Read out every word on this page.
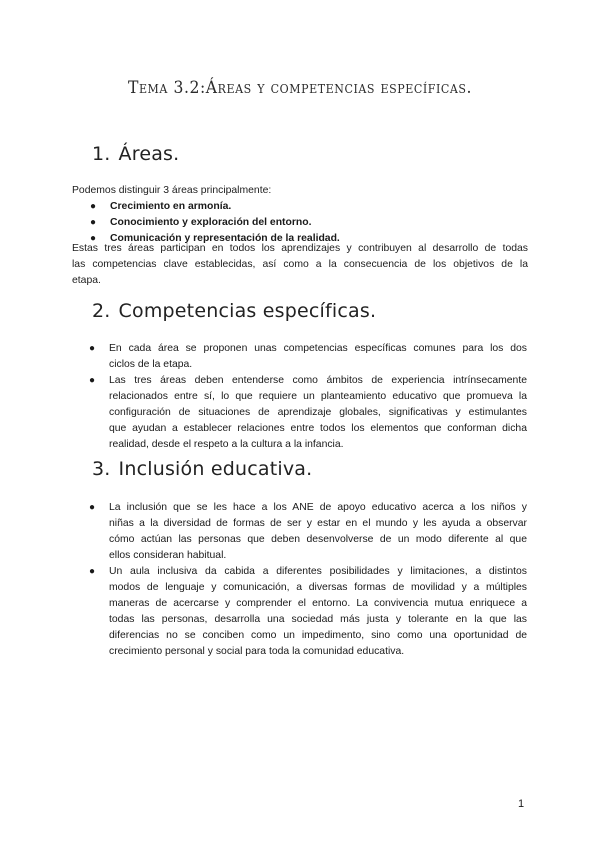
Tema 3.2:Áreas y competencias específicas.
1. Áreas.

Podemos distinguir 3 áreas principalmente:

● Crecimiento en armonía.
● Conocimiento y exploración del entorno.
● Comunicación y representación de la realidad.
Estas tres áreas participan en todos los aprendizajes y contribuyen al desarrollo de todas
las competencias clave establecidas, así como a la consecuencia de los objetivos de la
etapa.
2. Competencias específicas.
● En cada área se proponen unas competencias específicas comunes para los dos
ciclos de la etapa.
● Las tres áreas deben entenderse como ámbitos de experiencia intrínsecamente
relacionados entre sí, lo que requiere un planteamiento educativo que promueva la
configuración de situaciones de aprendizaje globales, significativas y estimulantes
que ayudan a establecer relaciones entre todos los elementos que conforman dicha
realidad, desde el respeto a la cultura a la infancia.
3. Inclusión educativa.
● La inclusión que se les hace a los ANE de apoyo educativo acerca a los niños y
niñas a la diversidad de formas de ser y estar en el mundo y les ayuda a observar
cómo actúan las personas que deben desenvolverse de un modo diferente al que
ellos consideran habitual.
● Un aula inclusiva da cabida a diferentes posibilidades y limitaciones, a distintos
modos de lenguaje y comunicación, a diversas formas de movilidad y a múltiples
maneras de acercarse y comprender el entorno. La convivencia mutua enriquece a
todas las personas, desarrolla una sociedad más justa y tolerante en la que las
diferencias no se conciben como un impedimento, sino como una oportunidad de
crecimiento personal y social para toda la comunidad educativa.
1
